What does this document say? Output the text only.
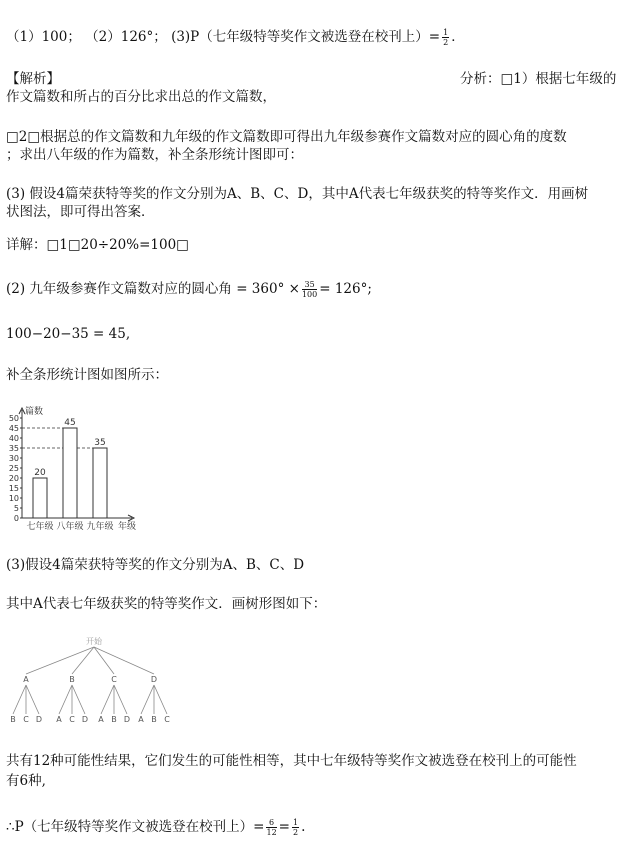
（1）100； （2）126°； (3)P（七年级特等奖作文被选登在校刊上）= $\frac{1}{2}$ ．
【解析】	分析：□1）根据七年级的
作文篇数和所占的百分比求出总的作文篇数，
□2□根据总的作文篇数和九年级的作文篇数即可得出九年级参赛作文篇数对应的圆心角的度数
；求出八年级的作为篇数，补全条形统计图即可：
(3) 假设4篇荣获特等奖的作文分别为A、B、C、D，其中A代表七年级获奖的特等奖作文．用画树
状图法，即可得出答案．
详解：□1□20÷20%=100□
(2) 九年级参赛作文篇数对应的圆心角 = $360^\circ \times \frac{35}{100} = 126^\circ$;
100−20−35 = 45,
补全条形统计图如图所示：
0
5
10
15
20
25
30
35
40
45
50
篇数
年级
20
七年级
45
八年级
35
九年级
(3)假设4篇荣获特等奖的作文分别为A、B、C、D
其中A代表七年级获奖的特等奖作文．画树形图如下：
开始
A
B C D
B
A C D
C
A B D
D
A B C
共有12种可能性结果，它们发生的可能性相等，其中七年级特等奖作文被选登在校刊上的可能性
有6种,
∴P（七年级特等奖作文被选登在校刊上）= $\frac{6}{12} = \frac{1}{2}$ .
